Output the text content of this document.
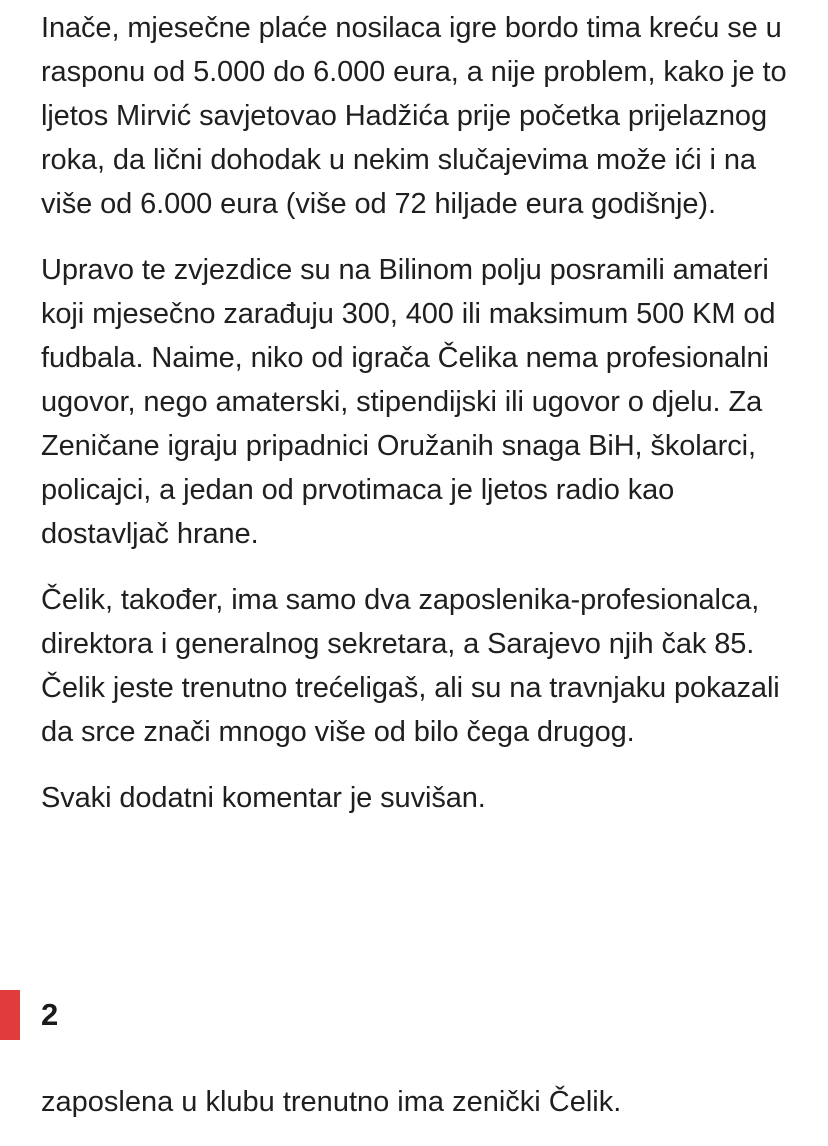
Inače, mjesečne plaće nosilaca igre bordo tima kreću se u rasponu od 5.000 do 6.000 eura, a nije problem, kako je to ljetos Mirvić savjetovao Hadžića prije početka prijelaznog roka, da lični dohodak u nekim slučajevima može ići i na više od 6.000 eura (više od 72 hiljade eura godišnje).

Upravo te zvjezdice su na Bilinom polju posramili amateri koji mjesečno zarađuju 300, 400 ili maksimum 500 KM od fudbala. Naime, niko od igrača Čelika nema profesionalni ugovor, nego amaterski, stipendijski ili ugovor o djelu. Za Zeničane igraju pripadnici Oružanih snaga BiH, školarci, policajci, a jedan od prvotimaca je ljetos radio kao dostavljač hrane.

Čelik, također, ima samo dva zaposlenika-profesionalca, direktora i generalnog sekretara, a Sarajevo njih čak 85. Čelik jeste trenutno trećeligaš, ali su na travnjaku pokazali da srce znači mnogo više od bilo čega drugog.

Svaki dodatni komentar je suvišan.

2
zaposlena u klubu trenutno ima zenički Čelik.
